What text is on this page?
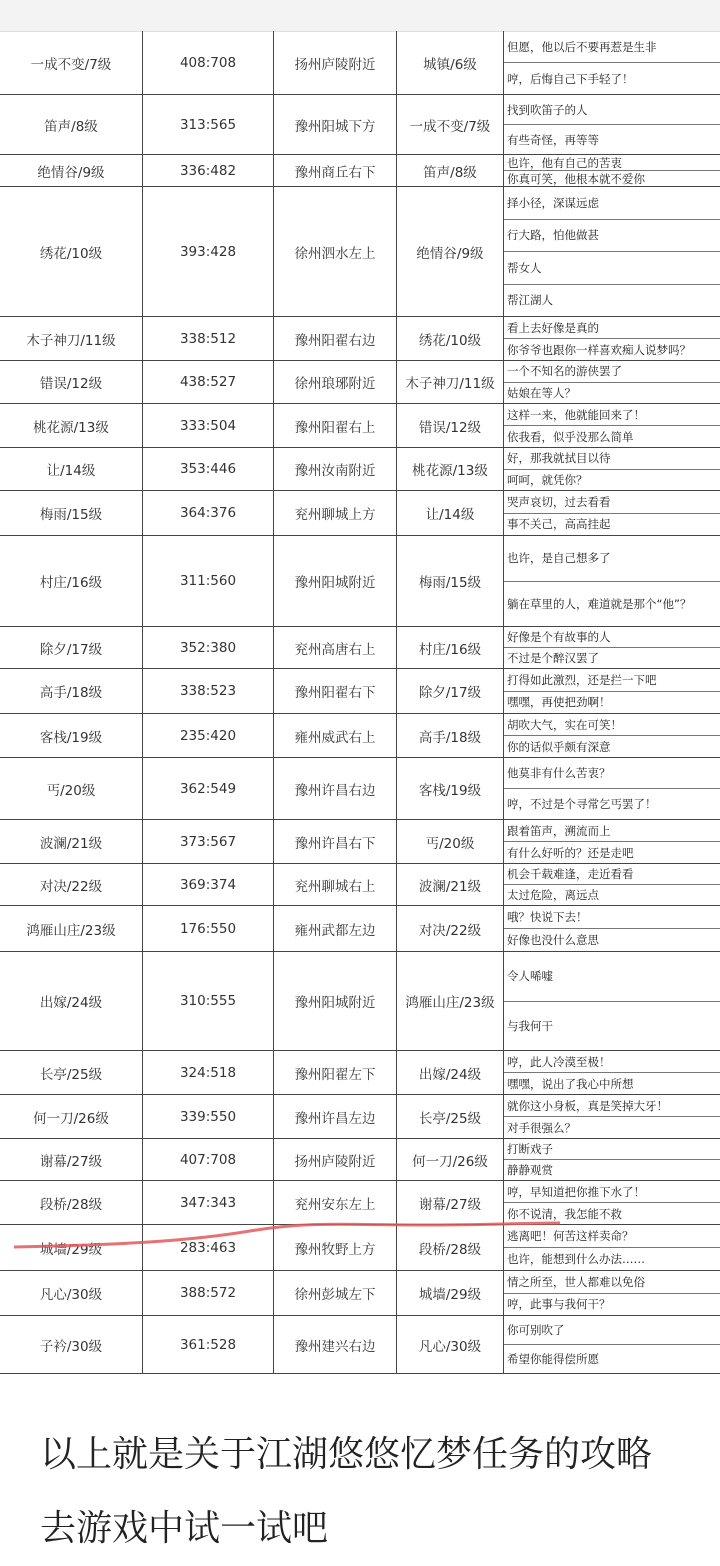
一成不变/7级	408:708	扬州庐陵附近	城镇/6级
但愿，他以后不要再惹是生非
哼，后悔自己下手轻了！
笛声/8级	313:565	豫州阳城下方	一成不变/7级
找到吹笛子的人
有些奇怪，再等等
绝情谷/9级	336:482	豫州商丘右下	笛声/8级
也许，他有自己的苦衷
你真可笑，他根本就不爱你
绣花/10级	393:428	徐州泗水左上	绝情谷/9级
择小径，深谋远虑
行大路，怕他做甚
帮女人
帮江湖人
木子神刀/11级	338:512	豫州阳翟右边	绣花/10级
看上去好像是真的
你爷爷也跟你一样喜欢痴人说梦吗？
错误/12级	438:527	徐州琅琊附近	木子神刀/11级
一个不知名的游侠罢了
姑娘在等人？
桃花源/13级	333:504	豫州阳翟右上	错误/12级
这样一来，他就能回来了！
依我看，似乎没那么简单
让/14级	353:446	豫州汝南附近	桃花源/13级
好，那我就拭目以待
呵呵，就凭你？
梅雨/15级	364:376	兖州聊城上方	让/14级
哭声哀切，过去看看
事不关己，高高挂起
村庄/16级	311:560	豫州阳城附近	梅雨/15级
也许，是自己想多了
躺在草里的人，难道就是那个“他”？
除夕/17级	352:380	兖州高唐右上	村庄/16级
好像是个有故事的人
不过是个醉汉罢了
高手/18级	338:523	豫州阳翟右下	除夕/17级
打得如此激烈，还是拦一下吧
嘿嘿，再使把劲啊！
客栈/19级	235:420	雍州威武右上	高手/18级
胡吹大气，实在可笑！
你的话似乎颇有深意
丐/20级	362:549	豫州许昌右边	客栈/19级
他莫非有什么苦衷？
哼，不过是个寻常乞丐罢了！
波澜/21级	373:567	豫州许昌右下	丐/20级
跟着笛声，溯流而上
有什么好听的？还是走吧
对决/22级	369:374	兖州聊城右上	波澜/21级
机会千载难逢，走近看看
太过危险，离远点
鸿雁山庄/23级	176:550	雍州武都左边	对决/22级
哦？快说下去！
好像也没什么意思
出嫁/24级	310:555	豫州阳城附近	鸿雁山庄/23级
令人唏嘘
与我何干
长亭/25级	324:518	豫州阳翟左下	出嫁/24级
哼，此人冷漠至极！
嘿嘿，说出了我心中所想
何一刀/26级	339:550	豫州许昌左边	长亭/25级
就你这小身板，真是笑掉大牙！
对手很强么？
谢幕/27级	407:708	扬州庐陵附近	何一刀/26级
打断戏子
静静观赏
段桥/28级	347:343	兖州安东左上	谢幕/27级
哼，早知道把你推下水了！
你不说清，我怎能不救
城墙/29级	283:463	豫州牧野上方	段桥/28级
逃离吧！何苦这样卖命？
也许，能想到什么办法……
凡心/30级	388:572	徐州彭城左下	城墙/29级
情之所至，世人都难以免俗
哼，此事与我何干？
子衿/30级	361:528	豫州建兴右边	凡心/30级
你可别吹了
希望你能得偿所愿
以上就是关于江湖悠悠忆梦任务的攻略
去游戏中试一试吧
